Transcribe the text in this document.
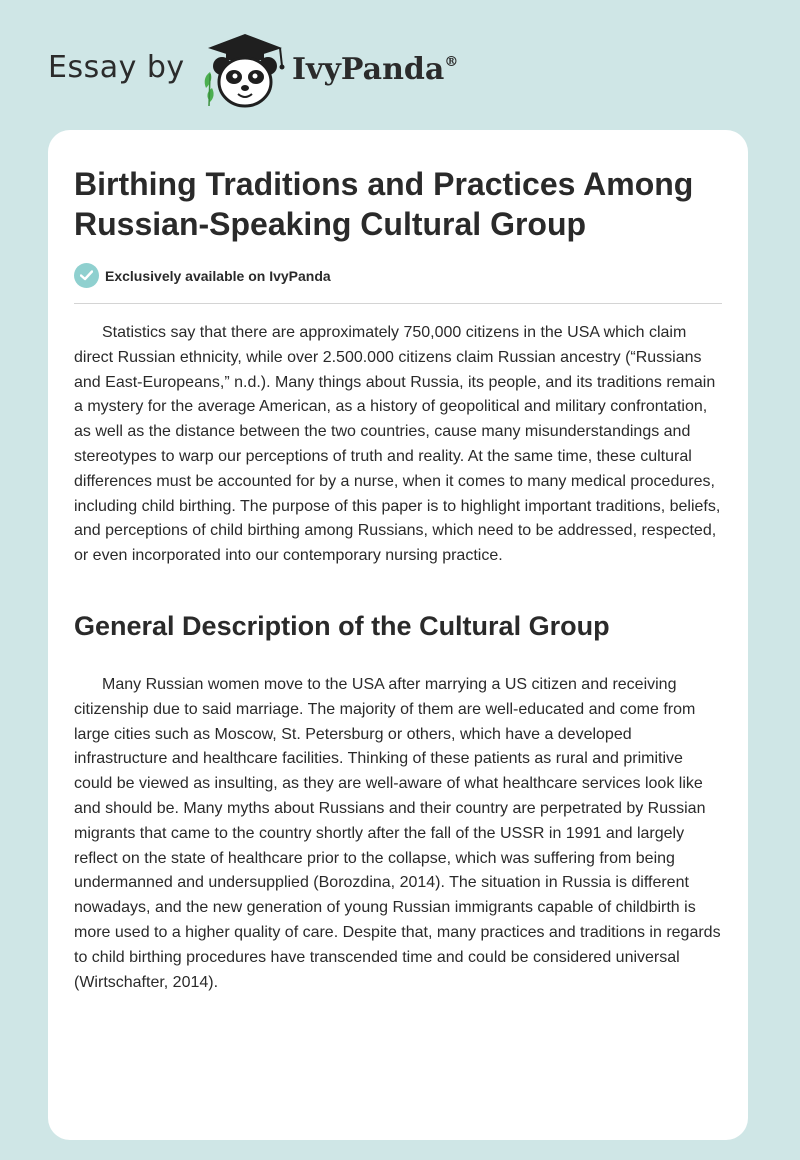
Essay by	IvyPanda®
Birthing Traditions and Practices Among Russian-Speaking Cultural Group
Exclusively available on IvyPanda

Statistics say that there are approximately 750,000 citizens in the USA which claim direct Russian ethnicity, while over 2.500.000 citizens claim Russian ancestry (“Russians and East-Europeans,” n.d.). Many things about Russia, its people, and its traditions remain a mystery for the average American, as a history of geopolitical and military confrontation, as well as the distance between the two countries, cause many misunderstandings and stereotypes to warp our perceptions of truth and reality. At the same time, these cultural differences must be accounted for by a nurse, when it comes to many medical procedures, including child birthing. The purpose of this paper is to highlight important traditions, beliefs, and perceptions of child birthing among Russians, which need to be addressed, respected, or even incorporated into our contemporary nursing practice.

General Description of the Cultural Group

Many Russian women move to the USA after marrying a US citizen and receiving citizenship due to said marriage. The majority of them are well-educated and come from large cities such as Moscow, St. Petersburg or others, which have a developed infrastructure and healthcare facilities. Thinking of these patients as rural and primitive could be viewed as insulting, as they are well-aware of what healthcare services look like and should be. Many myths about Russians and their country are perpetrated by Russian migrants that came to the country shortly after the fall of the USSR in 1991 and largely reflect on the state of healthcare prior to the collapse, which was suffering from being undermanned and undersupplied (Borozdina, 2014). The situation in Russia is different nowadays, and the new generation of young Russian immigrants capable of childbirth is more used to a higher quality of care. Despite that, many practices and traditions in regards to child birthing procedures have transcended time and could be considered universal (Wirtschafter, 2014).
